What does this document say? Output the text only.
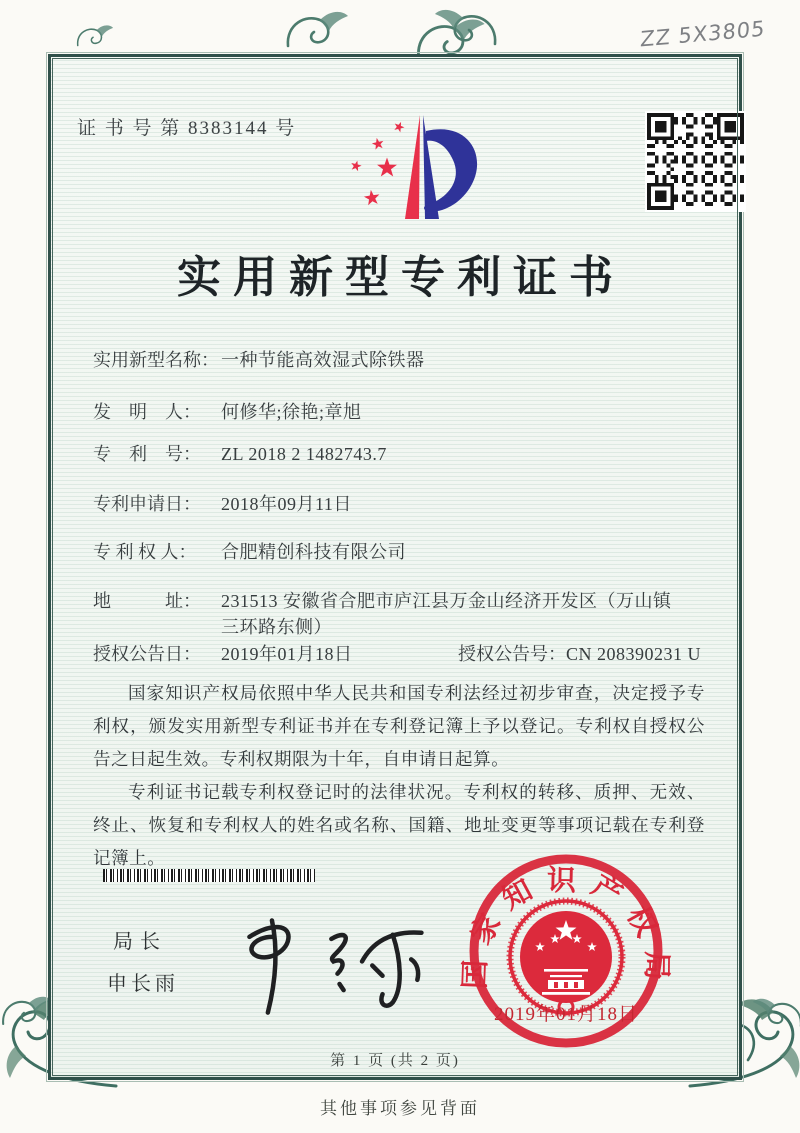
ZZ 5X3805
证 书 号 第 8383144 号
实用新型专利证书
实用新型名称： 一种节能高效湿式除铁器
发　明　人：	何修华;徐艳;章旭
专　利　号：	ZL 2018 2 1482743.7
专利申请日：	2018年09月11日
专 利 权 人：	合肥精创科技有限公司
地　　　址：	231513 安徽省合肥市庐江县万金山经济开发区（万山镇三环路东侧）
授权公告日：	2019年01月18日	授权公告号： CN 208390231 U

国家知识产权局依照中华人民共和国专利法经过初步审查，决定授予专利权，颁发实用新型专利证书并在专利登记簿上予以登记。专利权自授权公告之日起生效。专利权期限为十年，自申请日起算。

专利证书记载专利权登记时的法律状况。专利权的转移、质押、无效、终止、恢复和专利权人的姓名或名称、国籍、地址变更等事项记载在专利登记簿上。

局长
申长雨	国家知识产权局
2019年01月18日
第 1 页 (共 2 页)
其他事项参见背面
